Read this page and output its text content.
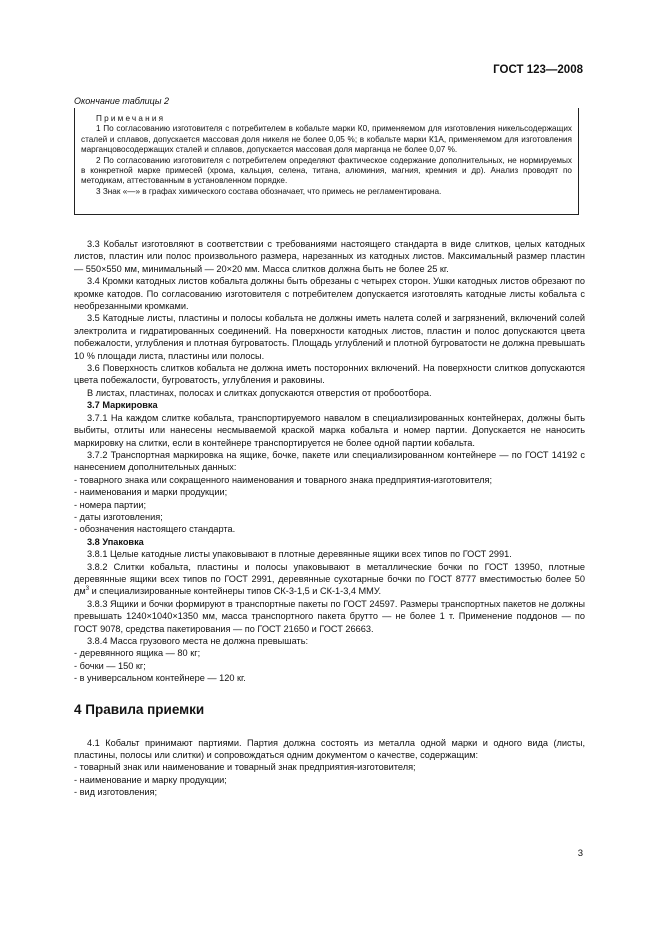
ГОСТ 123—2008
Окончание таблицы 2

Примечания

1 По согласованию изготовителя с потребителем в кобальте марки К0, применяемом для изготовления никельсодержащих сталей и сплавов, допускается массовая доля никеля не более 0,05 %; в кобальте марки К1А, применяемом для изготовления марганцовосодержащих сталей и сплавов, допускается массовая доля марганца не более 0,07 %.

2 По согласованию изготовителя с потребителем определяют фактическое содержание дополнительных, не нормируемых в конкретной марке примесей (хрома, кальция, селена, титана, алюминия, магния, кремния и др). Анализ проводят по методикам, аттестованным в установленном порядке.

3 Знак «—» в графах химического состава обозначает, что примесь не регламентирована.

3.3 Кобальт изготовляют в соответствии с требованиями настоящего стандарта в виде слитков, целых катодных листов, пластин или полос произвольного размера, нарезанных из катодных листов. Максимальный размер пластин — 550×550 мм, минимальный — 20×20 мм. Масса слитков должна быть не более 25 кг.

3.4 Кромки катодных листов кобальта должны быть обрезаны с четырех сторон. Ушки катодных листов обрезают по кромке катодов. По согласованию изготовителя с потребителем допускается изготовлять катодные листы кобальта с необрезанными кромками.

3.5 Катодные листы, пластины и полосы кобальта не должны иметь налета солей и загрязнений, включений солей электролита и гидратированных соединений. На поверхности катодных листов, пластин и полос допускаются цвета побежалости, углубления и плотная бугроватость. Площадь углублений и плотной бугроватости не должна превышать 10 % площади листа, пластины или полосы.

3.6 Поверхность слитков кобальта не должна иметь посторонних включений. На поверхности слитков допускаются цвета побежалости, бугроватость, углубления и раковины.

В листах, пластинах, полосах и слитках допускаются отверстия от пробоотбора.

3.7 Маркировка

3.7.1 На каждом слитке кобальта, транспортируемого навалом в специализированных контейнерах, должны быть выбиты, отлиты или нанесены несмываемой краской марка кобальта и номер партии. Допускается не наносить маркировку на слитки, если в контейнере транспортируется не более одной партии кобальта.

3.7.2 Транспортная маркировка на ящике, бочке, пакете или специализированном контейнере — по ГОСТ 14192 с нанесением дополнительных данных:

- товарного знака или сокращенного наименования и товарного знака предприятия-изготовителя;

- наименования и марки продукции;

- номера партии;

- даты изготовления;

- обозначения настоящего стандарта.

3.8 Упаковка

3.8.1 Целые катодные листы упаковывают в плотные деревянные ящики всех типов по ГОСТ 2991.

3.8.2 Слитки кобальта, пластины и полосы упаковывают в металлические бочки по ГОСТ 13950, плотные деревянные ящики всех типов по ГОСТ 2991, деревянные сухотарные бочки по ГОСТ 8777 вместимостью более 50 $дм^3$ и специализированные контейнеры типов СК-3-1,5 и СК-1-3,4 ММУ.

3.8.3 Ящики и бочки формируют в транспортные пакеты по ГОСТ 24597. Размеры транспортных пакетов не должны превышать 1240×1040×1350 мм, масса транспортного пакета брутто — не более 1 т. Применение поддонов — по ГОСТ 9078, средства пакетирования — по ГОСТ 21650 и ГОСТ 26663.

3.8.4 Масса грузового места не должна превышать:

- деревянного ящика — 80 кг;

- бочки — 150 кг;

- в универсальном контейнере — 120 кг.

4 Правила приемки

4.1 Кобальт принимают партиями. Партия должна состоять из металла одной марки и одного вида (листы, пластины, полосы или слитки) и сопровождаться одним документом о качестве, содержащим:

- товарный знак или наименование и товарный знак предприятия-изготовителя;

- наименование и марку продукции;

- вид изготовления;

3
